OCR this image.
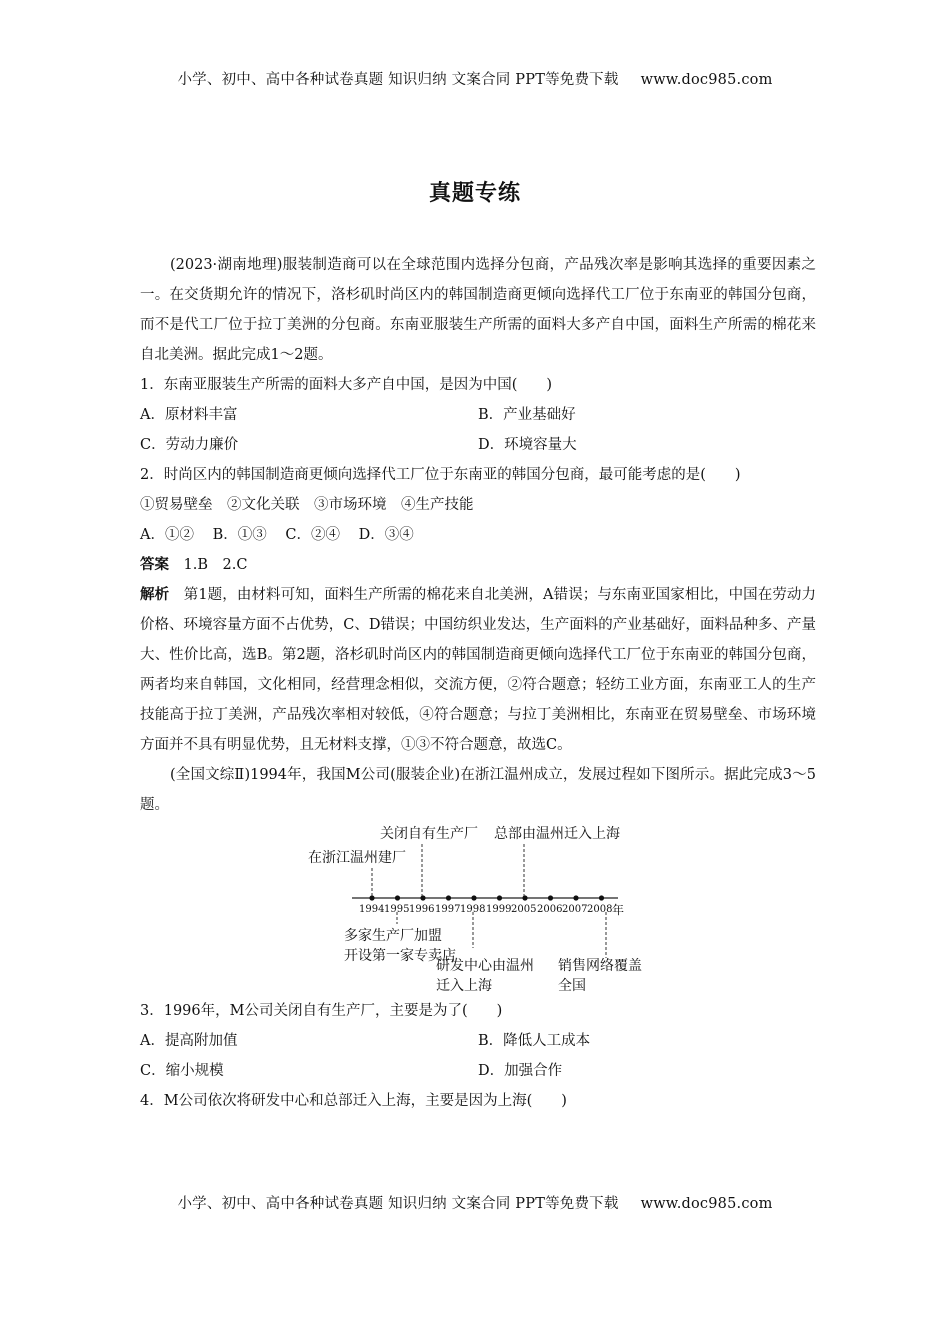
小学、初中、高中各种试卷真题 知识归纳 文案合同 PPT等免费下载 www.doc985.com
真题专练

(2023·湖南地理)服装制造商可以在全球范围内选择分包商，产品残次率是影响其选择的重要因素之一。在交货期允许的情况下，洛杉矶时尚区内的韩国制造商更倾向选择代工厂位于东南亚的韩国分包商，而不是代工厂位于拉丁美洲的分包商。东南亚服装生产所需的面料大多产自中国，面料生产所需的棉花来自北美洲。据此完成1～2题。

1．东南亚服装生产所需的面料大多产自中国，是因为中国(　　)

A．原材料丰富	B．产业基础好
C．劳动力廉价	D．环境容量大

2．时尚区内的韩国制造商更倾向选择代工厂位于东南亚的韩国分包商，最可能考虑的是(　　)

①贸易壁垒　②文化关联　③市场环境　④生产技能

A．①② B．①③ C．②④ D．③④

答案　 1.B　2.C

解析　 第1题，由材料可知，面料生产所需的棉花来自北美洲，A错误；与东南亚国家相比，中国在劳动力价格、环境容量方面不占优势，C、D错误；中国纺织业发达，生产面料的产业基础好，面料品种多、产量大、性价比高，选B。第2题，洛杉矶时尚区内的韩国制造商更倾向选择代工厂位于东南亚的韩国分包商，两者均来自韩国，文化相同，经营理念相似，交流方便，②符合题意；轻纺工业方面，东南亚工人的生产技能高于拉丁美洲，产品残次率相对较低，④符合题意；与拉丁美洲相比，东南亚在贸易壁垒、市场环境方面并不具有明显优势，且无材料支撑，①③不符合题意，故选C。

(全国文综Ⅱ)1994年，我国M公司(服装企业)在浙江温州成立，发展过程如下图所示。据此完成3～5题。

在浙江温州建厂
关闭自有生产厂 总部由温州迁入上海
多家生产厂加盟
开设第一家专卖店
研发中心由温州
迁入上海
销售网络覆盖
全国
1994 1995 1996 1997 1998 1999 2005 2006 2007 2008 年

3．1996年，M公司关闭自有生产厂，主要是为了(　　)

A．提高附加值	B．降低人工成本
C．缩小规模	D．加强合作

4．M公司依次将研发中心和总部迁入上海，主要是因为上海(　　)

小学、初中、高中各种试卷真题 知识归纳 文案合同 PPT等免费下载 www.doc985.com
